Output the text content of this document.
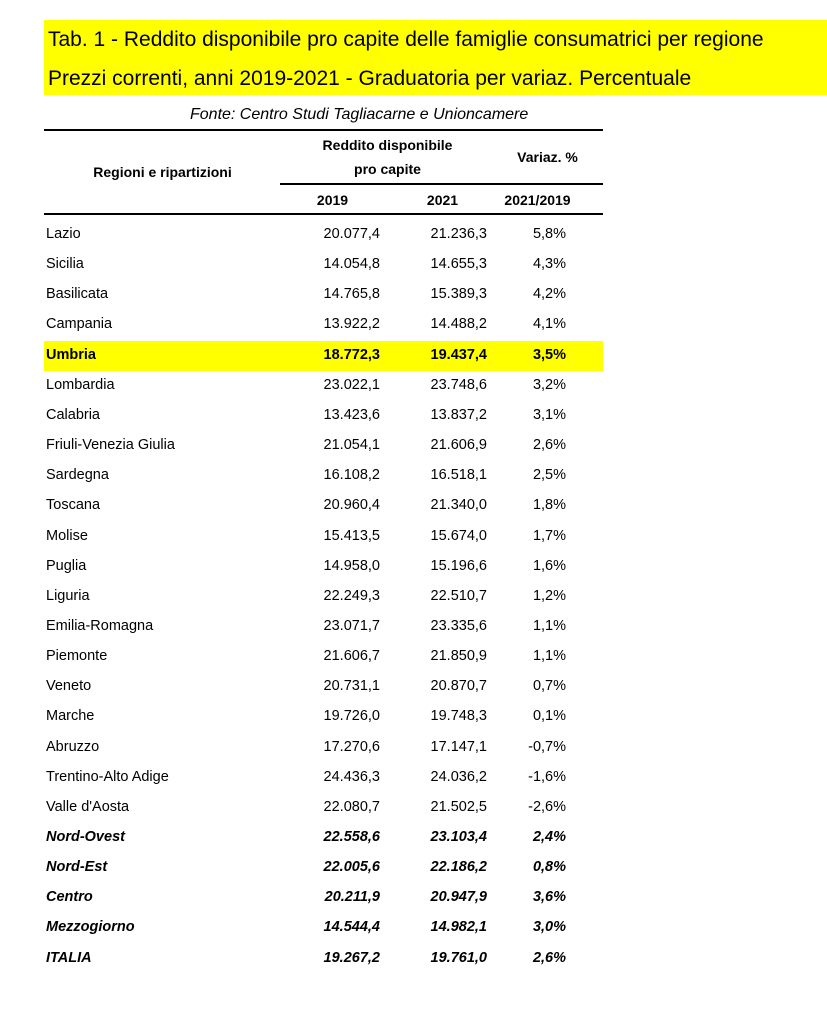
Tab. 1 - Reddito disponibile pro capite delle famiglie consumatrici per regione
Prezzi correnti, anni 2019-2021 - Graduatoria per variaz. Percentuale
Fonte: Centro Studi Tagliacarne e Unioncamere
Regioni e ripartizioni
Reddito disponibile
pro capite
Variaz. %
2019	2021	2021/2019
Lazio	20.077,4	21.236,3	5,8%
Sicilia	14.054,8	14.655,3	4,3%
Basilicata	14.765,8	15.389,3	4,2%
Campania	13.922,2	14.488,2	4,1%
Umbria	18.772,3	19.437,4	3,5%
Lombardia	23.022,1	23.748,6	3,2%
Calabria	13.423,6	13.837,2	3,1%
Friuli-Venezia Giulia	21.054,1	21.606,9	2,6%
Sardegna	16.108,2	16.518,1	2,5%
Toscana	20.960,4	21.340,0	1,8%
Molise	15.413,5	15.674,0	1,7%
Puglia	14.958,0	15.196,6	1,6%
Liguria	22.249,3	22.510,7	1,2%
Emilia-Romagna	23.071,7	23.335,6	1,1%
Piemonte	21.606,7	21.850,9	1,1%
Veneto	20.731,1	20.870,7	0,7%
Marche	19.726,0	19.748,3	0,1%
Abruzzo	17.270,6	17.147,1	-0,7%
Trentino-Alto Adige	24.436,3	24.036,2	-1,6%
Valle d'Aosta	22.080,7	21.502,5	-2,6%
Nord-Ovest	22.558,6	23.103,4	2,4%
Nord-Est	22.005,6	22.186,2	0,8%
Centro	20.211,9	20.947,9	3,6%
Mezzogiorno	14.544,4	14.982,1	3,0%
ITALIA	19.267,2	19.761,0	2,6%
